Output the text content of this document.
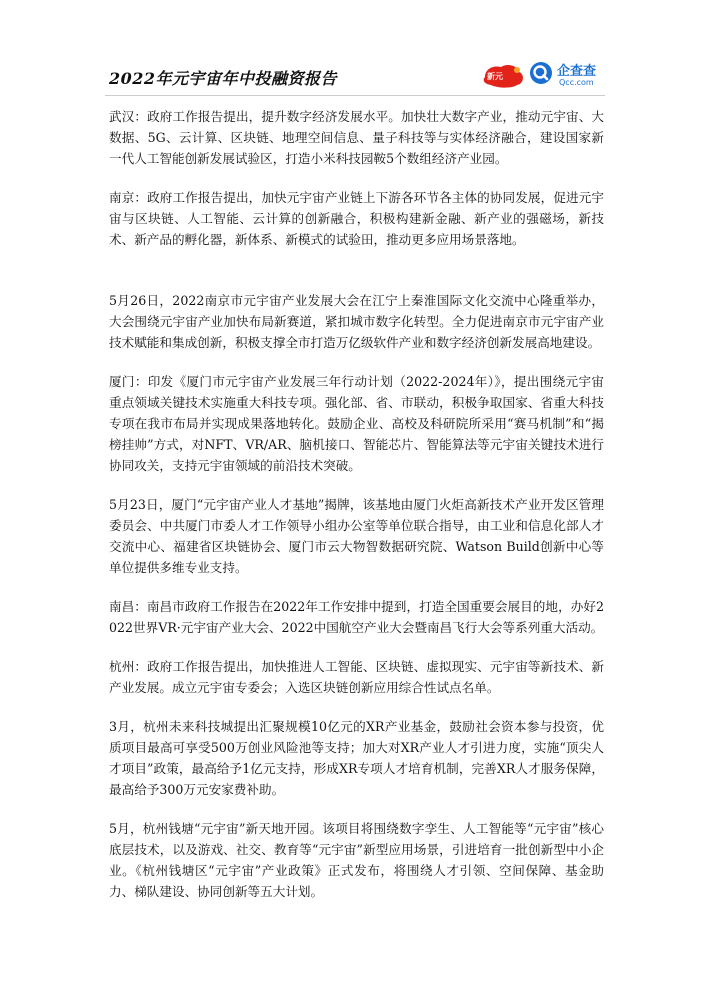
2022年元宇宙年中投融资报告	新元	企查查
Qcc.com

武汉：政府工作报告提出，提升数字经济发展水平。加快壮大数字产业，推动元宇宙、大数据、5G、云计算、区块链、地理空间信息、量子科技等与实体经济融合，建设国家新一代人工智能创新发展试验区，打造小米科技园鞍5个数组经济产业园。

南京：政府工作报告提出，加快元宇宙产业链上下游各环节各主体的协同发展，促进元宇宙与区块链、人工智能、云计算的创新融合，积极构建新金融、新产业的强磁场，新技术、新产品的孵化器，新体系、新模式的试验田，推动更多应用场景落地。

5月26日，2022南京市元宇宙产业发展大会在江宁上秦淮国际文化交流中心隆重举办，大会围绕元宇宙产业加快布局新赛道，紧扣城市数字化转型。全力促进南京市元宇宙产业技术赋能和集成创新，积极支撑全市打造万亿级软件产业和数字经济创新发展高地建设。

厦门：印发《厦门市元宇宙产业发展三年行动计划（2022-2024年）》，提出围绕元宇宙重点领域关键技术实施重大科技专项。强化部、省、市联动，积极争取国家、省重大科技专项在我市布局并实现成果落地转化。鼓励企业、高校及科研院所采用“赛马机制”和“揭榜挂帅”方式，对NFT、VR/AR、脑机接口、智能芯片、智能算法等元宇宙关键技术进行协同攻关，支持元宇宙领域的前沿技术突破。

5月23日，厦门“元宇宙产业人才基地”揭牌，该基地由厦门火炬高新技术产业开发区管理委员会、中共厦门市委人才工作领导小组办公室等单位联合指导，由工业和信息化部人才交流中心、福建省区块链协会、厦门市云大物智数据研究院、Watson Build创新中心等单位提供多维专业支持。

南昌：南昌市政府工作报告在2022年工作安排中提到，打造全国重要会展目的地，办好2022世界VR·元宇宙产业大会、2022中国航空产业大会暨南昌飞行大会等系列重大活动。

杭州：政府工作报告提出，加快推进人工智能、区块链、虚拟现实、元宇宙等新技术、新产业发展。成立元宇宙专委会；入选区块链创新应用综合性试点名单。

3月，杭州未来科技城提出汇聚规模10亿元的XR产业基金，鼓励社会资本参与投资，优质项目最高可享受500万创业风险池等支持；加大对XR产业人才引进力度，实施“顶尖人才项目”政策，最高给予1亿元支持，形成XR专项人才培育机制，完善XR人才服务保障，最高给予300万元安家费补助。

5月，杭州钱塘“元宇宙”新天地开园。该项目将围绕数字孪生、人工智能等“元宇宙”核心底层技术，以及游戏、社交、教育等“元宇宙”新型应用场景，引进培育一批创新型中小企业。《杭州钱塘区“元宇宙”产业政策》正式发布，将围绕人才引领、空间保障、基金助力、梯队建设、协同创新等五大计划。
